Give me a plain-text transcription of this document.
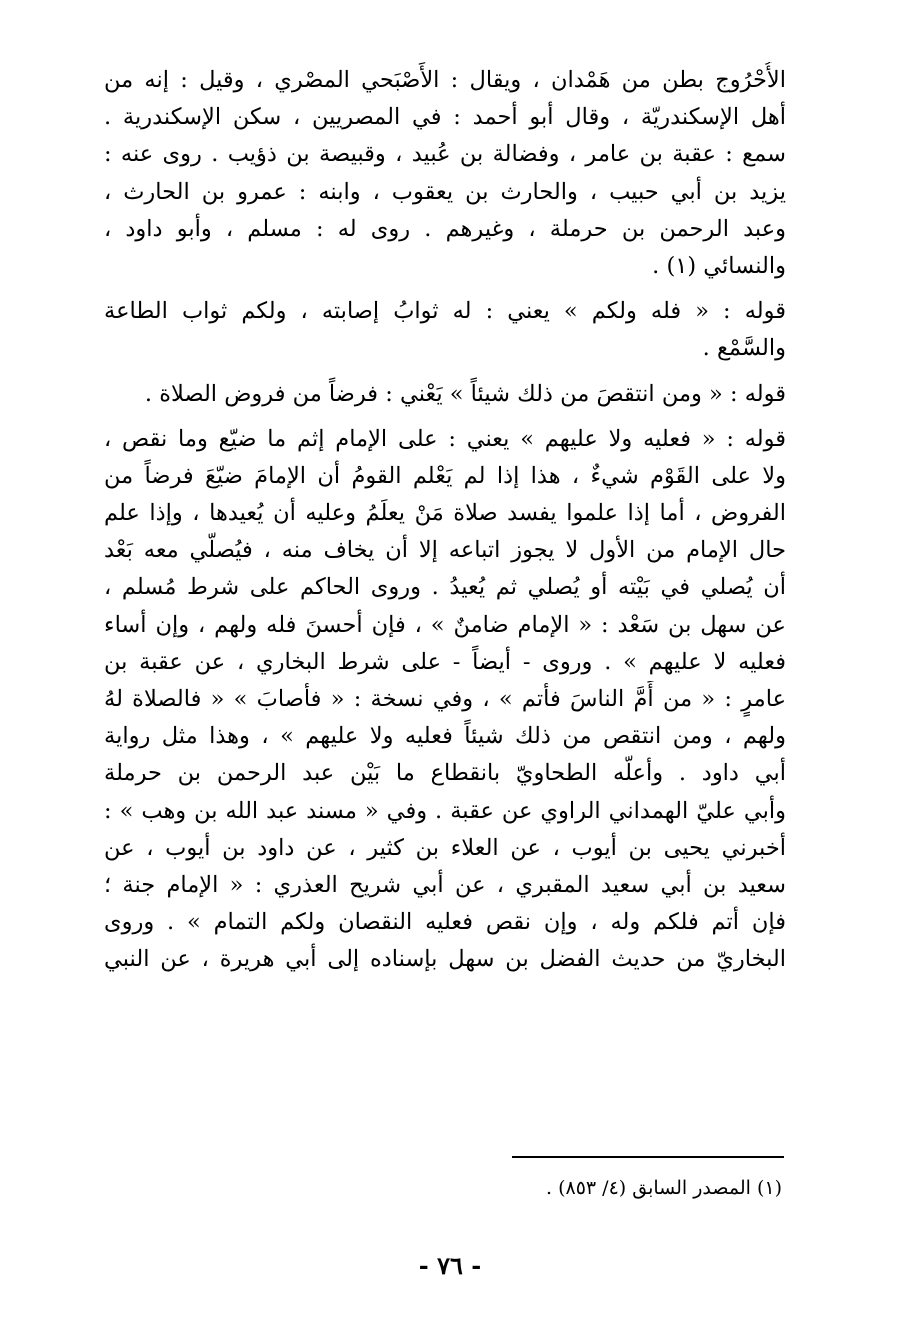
الأُحْرُوج بطن من هَمْدان ، ويقال : الأَصْبَحي المصْري ، وقيل : إنه من
أهل الإسكندريّة ، وقال أبو أحمد : في المصريين ، سكن الإسكندرية .
سمع : عقبة بن عامر ، وفضالة بن عُبيد ، وقبيصة بن ذؤيب . روى عنه :
يزيد بن أبي حبيب ، والحارث بن يعقوب ، وابنه : عمرو بن الحارث ،
وعبد الرحمن بن حرملة ، وغيرهم . روى له : مسلم ، وأبو داود ،
والنسائي (١) .
قوله : « فله ولكم » يعني : له ثوابُ إصابته ، ولكم ثواب الطاعة
والسَّمْع .
قوله : « ومن انتقصَ من ذلك شيئاً » يَعْني : فرضاً من فروض الصلاة .
قوله : « فعليه ولا عليهم » يعني : على الإمام إثم ما ضيّع وما نقص ،
ولا على القَوْم شيءٌ ، هذا إذا لم يَعْلم القومُ أن الإمامَ ضيّعَ فرضاً من
الفروض ، أما إذا علموا يفسد صلاة مَنْ يعلَمُ وعليه أن يُعيدها ، وإذا علم
حال الإمام من الأول لا يجوز اتباعه إلا أن يخاف منه ، فيُصلّي معه بَعْد
أن يُصلي في بَيْته أو يُصلي ثم يُعيدُ . وروى الحاكم على شرط مُسلم ،
عن سهل بن سَعْد : « الإمام ضامنٌ » ، فإن أحسنَ فله ولهم ، وإن أساء
فعليه لا عليهم » . وروى - أيضاً - على شرط البخاري ، عن عقبة بن
عامرٍ : « من أَمَّ الناسَ فأتم » ، وفي نسخة : « فأصابَ » « فالصلاة لهُ
ولهم ، ومن انتقص من ذلك شيئاً فعليه ولا عليهم » ، وهذا مثل رواية
أبي داود . وأعلّه الطحاويّ بانقطاع ما بَيْن عبد الرحمن بن حرملة
وأبي عليّ الهمداني الراوي عن عقبة . وفي « مسند عبد الله بن وهب » :
أخبرني يحيى بن أيوب ، عن العلاء بن كثير ، عن داود بن أيوب ، عن
سعيد بن أبي سعيد المقبري ، عن أبي شريح العذري : « الإمام جنة ؛
فإن أتم فلكم وله ، وإن نقص فعليه النقصان ولكم التمام » . وروى
البخاريّ من حديث الفضل بن سهل بإسناده إلى أبي هريرة ، عن النبي
(١) المصدر السابق (٤/ ٨٥٣) .
- ٧٦ -
